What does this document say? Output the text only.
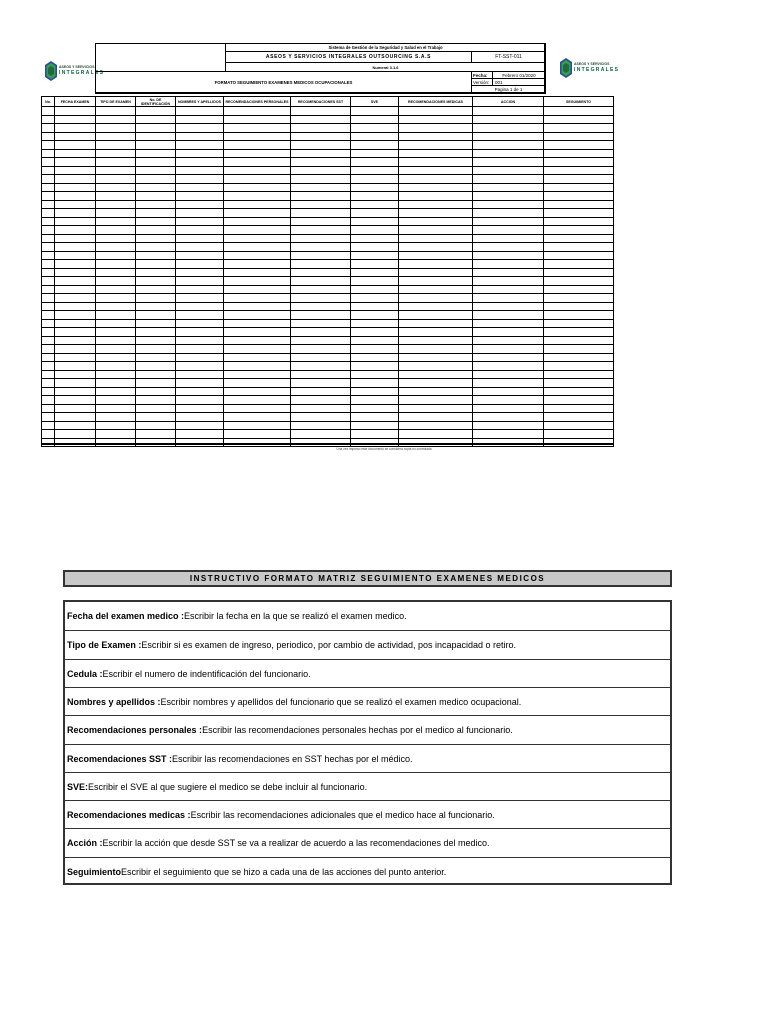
ASEOS Y SERVICIOS
INTEGRALES
ASEOS Y SERVICIOS
INTEGRALES
Sistema de Gestión de la Seguridad y Salud en el Trabajo
ASEOS Y SERVICIOS INTEGRALES OUTSOURCING S.A.S	FT-SST-011
Numeral 3.1.6
FORMATO SEGUIMIENTO EXAMENES MEDICOS OCUPACIONALES
Fecha:	Febrero 01/2020
Versión:	001
Pagina 1 de 1
No.	FECHA EXAMEN	TIPO DE EXAMEN	No. DE IDENTIFICACIÓN	NOMBRES Y APELLIDOS	RECOMENDACIONES PERSONALES	RECOMENDACIONES SST	SVE	RECOMENDACIONES MEDICAS	ACCION	SEGUIMIENTO

Una vez impreso este documento se considera copia no controlada
INSTRUCTIVO FORMATO MATRIZ SEGUIMIENTO EXAMENES MEDICOS
Fecha del examen medico : Escribir la fecha en la que se realizó el examen medico.
Tipo de Examen : Escribir si es examen de ingreso, periodico, por cambio de actividad, pos incapacidad o retiro.
Cedula : Escribir el numero de indentificación del funcionario.
Nombres y apellidos : Escribir nombres y apellidos del funcionario que se realizó el examen medico ocupacional.
Recomendaciones personales : Escribir las recomendaciones personales hechas por el medico al funcionario.
Recomendaciones SST : Escribir las recomendaciones en SST hechas por el médico.
SVE: Escribir el SVE al que sugiere el medico se debe incluir al funcionario.
Recomendaciones medicas : Escribir las recomendaciones adicionales que el medico hace al funcionario.
Acción : Escribir la acción que desde SST se va a realizar de acuerdo a las recomendaciones del medico.
Seguimiento Escribir el seguimiento que se hizo a cada una de las acciones del punto anterior.
